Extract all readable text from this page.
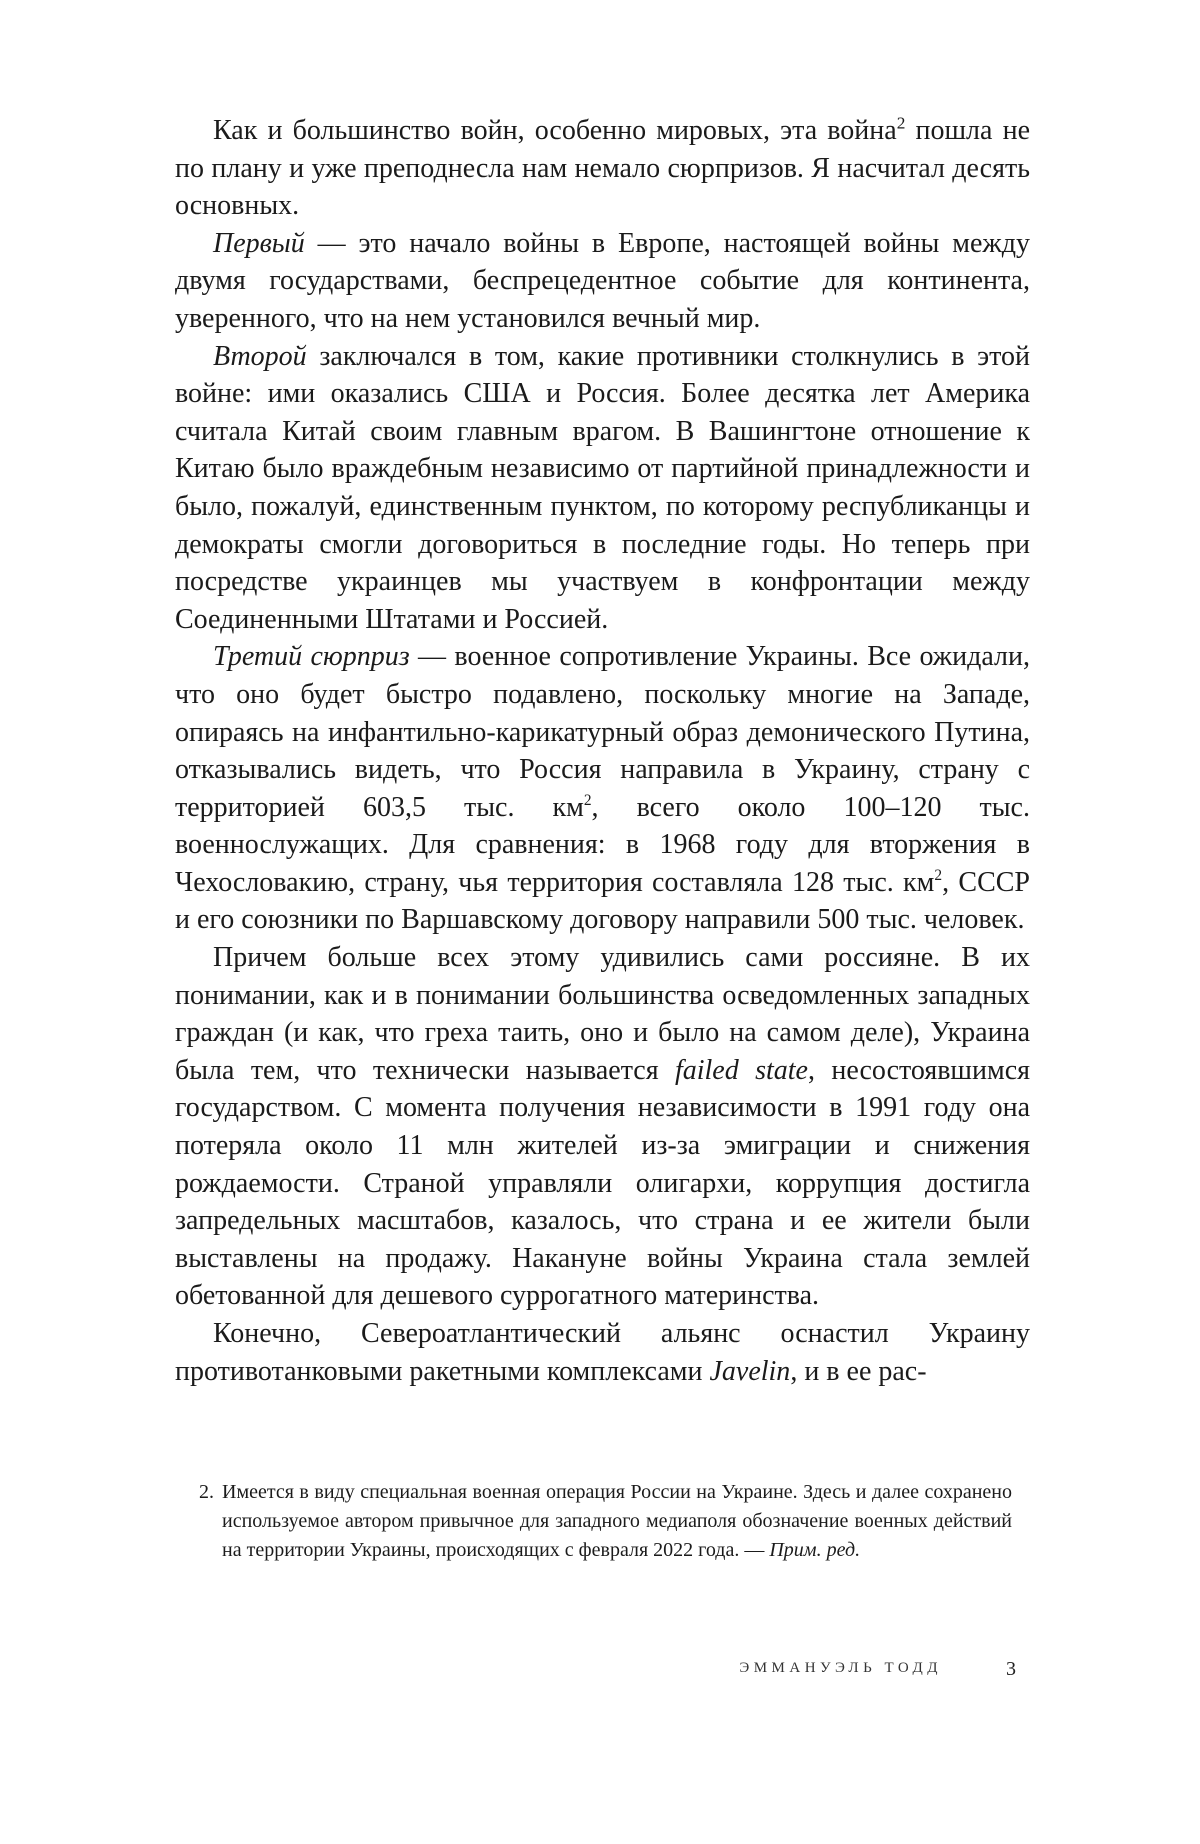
Как и большинство войн, особенно мировых, эта война$^2$ пошла не по плану и уже преподнесла нам немало сюрпризов. Я насчитал десять основных.

Первый — это начало войны в Европе, настоящей войны между двумя государствами, беспрецедентное событие для континента, уверенного, что на нем установился вечный мир.

Второй заключался в том, какие противники столкнулись в этой войне: ими оказались США и Россия. Более десятка лет Америка считала Китай своим главным врагом. В Вашингтоне отношение к Китаю было враждебным независимо от партийной принадлежности и было, пожалуй, единственным пунктом, по которому республиканцы и демократы смогли договориться в последние годы. Но теперь при посредстве украинцев мы участвуем в конфронтации между Соединенными Штатами и Россией.

Третий сюрприз — военное сопротивление Украины. Все ожидали, что оно будет быстро подавлено, поскольку многие на Западе, опираясь на инфантильно-карикатурный образ демонического Путина, отказывались видеть, что Россия направила в Украину, страну с территорией 603,5 тыс. $км^2$, всего около 100–120 тыс. военнослужащих. Для сравнения: в 1968 году для вторжения в Чехословакию, страну, чья территория составляла 128 тыс. $км^2$, СССР и его союзники по Варшавскому договору направили 500 тыс. человек.

Причем больше всех этому удивились сами россияне. В их понимании, как и в понимании большинства осведомленных западных граждан (и как, что греха таить, оно и было на самом деле), Украина была тем, что технически называется failed state, несостоявшимся государством. С момента получения независимости в 1991 году она потеряла около 11 млн жителей из-за эмиграции и снижения рождаемости. Страной управляли олигархи, коррупция достигла запредельных масштабов, казалось, что страна и ее жители были выставлены на продажу. Накануне войны Украина стала землей обетованной для дешевого суррогатного материнства.

Конечно, Североатлантический альянс оснастил Украину противотанковыми ракетными комплексами Javelin, и в ее рас-

2. Имеется в виду специальная военная операция России на Украине. Здесь и далее сохранено используемое автором привычное для западного медиаполя обозначение военных действий на территории Украины, происходящих с февраля 2022 года. — Прим. ред.
ЭММАНУЭЛЬ ТОДД	3
